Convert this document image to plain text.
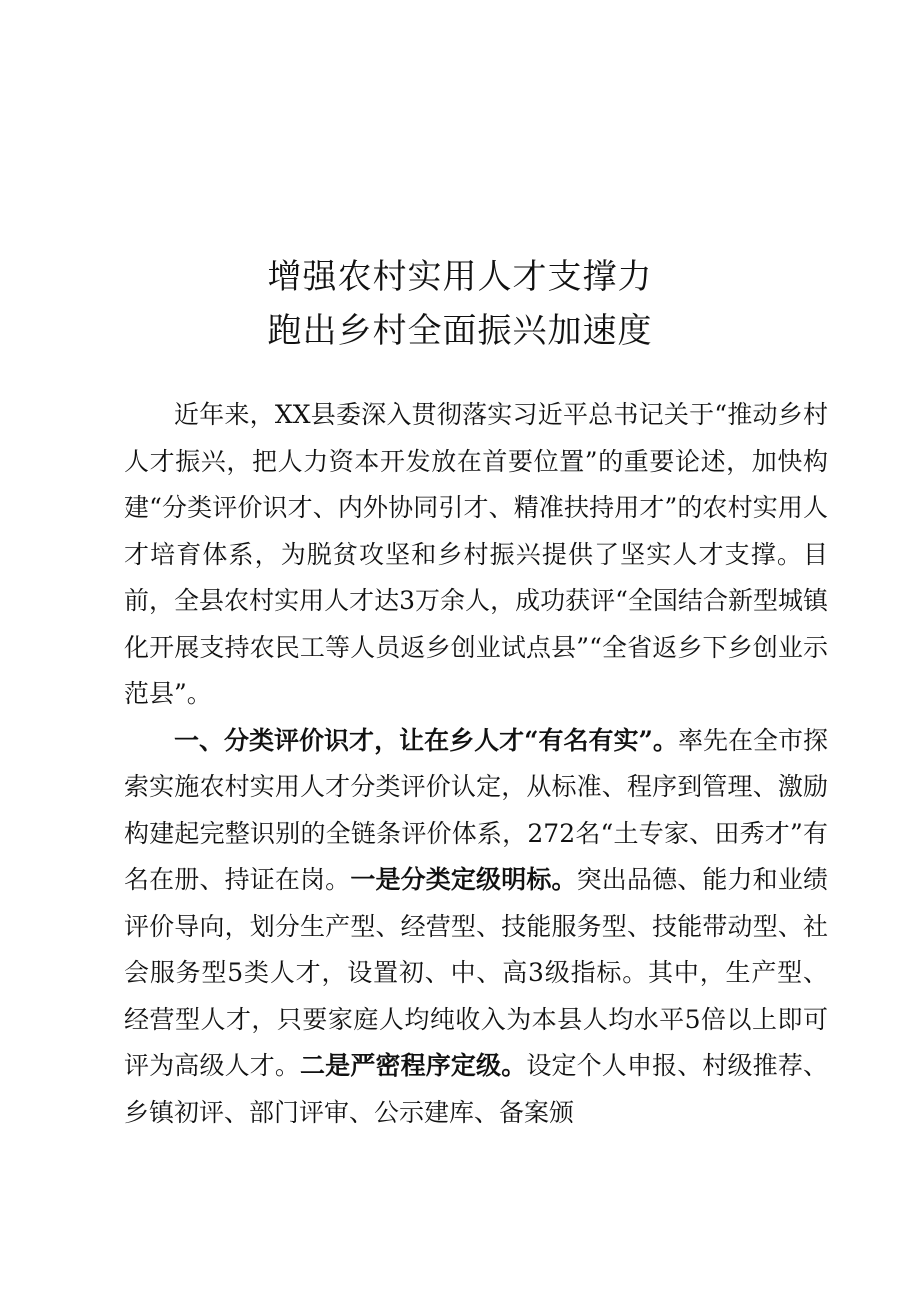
增强农村实用人才支撑力
跑出乡村全面振兴加速度

近年来，XX县委深入贯彻落实习近平总书记关于“推动乡村人才振兴，把人力资本开发放在首要位置”的重要论述，加快构建“分类评价识才、内外协同引才、精准扶持用才”的农村实用人才培育体系，为脱贫攻坚和乡村振兴提供了坚实人才支撑。目前，全县农村实用人才达3万余人，成功获评“全国结合新型城镇化开展支持农民工等人员返乡创业试点县”“全省返乡下乡创业示范县”。

一、分类评价识才，让在乡人才“有名有实”。率先在全市探索实施农村实用人才分类评价认定，从标准、程序到管理、激励构建起完整识别的全链条评价体系，272名“土专家、田秀才”有名在册、持证在岗。一是分类定级明标。突出品德、能力和业绩评价导向，划分生产型、经营型、技能服务型、技能带动型、社会服务型5类人才，设置初、中、高3级指标。其中，生产型、经营型人才，只要家庭人均纯收入为本县人均水平5倍以上即可评为高级人才。二是严密程序定级。设定个人申报、村级推荐、乡镇初评、部门评审、公示建库、备案颁
